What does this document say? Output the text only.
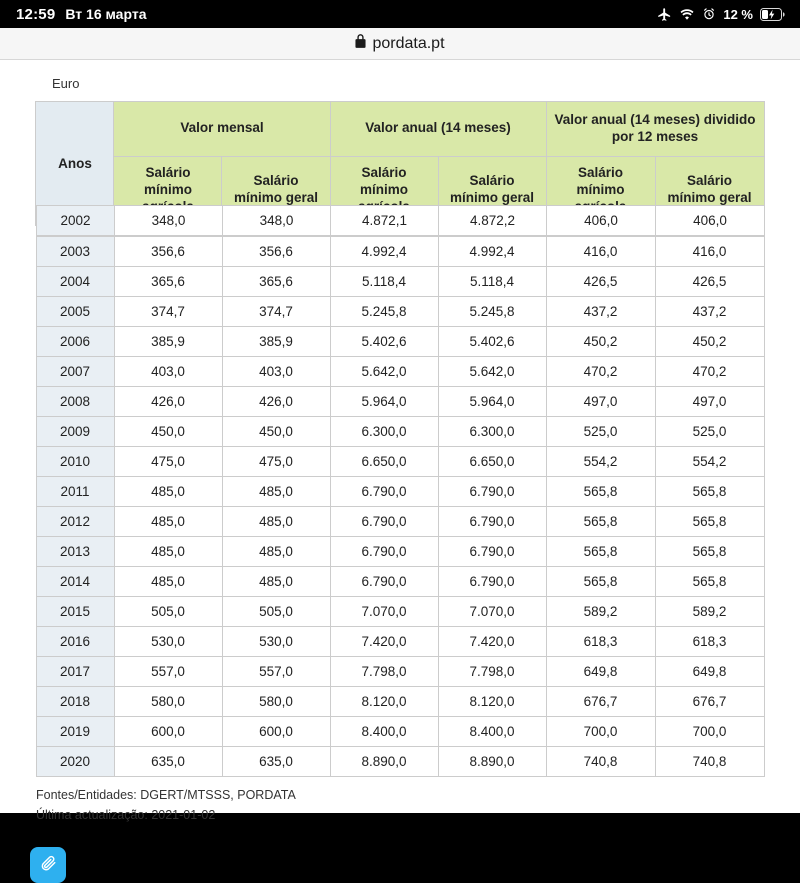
12:59 Вт 16 марта	12 %
pordata.pt
Euro
Anos	Valor mensal		Valor anual (14 meses)		Valor anual (14 meses) dividido por 12 meses	
	Salário mínimo	Salário mínimo geral	Salário mínimo	Salário mínimo geral	Salário mínimo	Salário mínimo geral
2002	348,0	348,0	4.872,1	4.872,2	406,0	406,0
2003	356,6	356,6	4.992,4	4.992,4	416,0	416,0
2004	365,6	365,6	5.118,4	5.118,4	426,5	426,5
2005	374,7	374,7	5.245,8	5.245,8	437,2	437,2
2006	385,9	385,9	5.402,6	5.402,6	450,2	450,2
2007	403,0	403,0	5.642,0	5.642,0	470,2	470,2
2008	426,0	426,0	5.964,0	5.964,0	497,0	497,0
2009	450,0	450,0	6.300,0	6.300,0	525,0	525,0
2010	475,0	475,0	6.650,0	6.650,0	554,2	554,2
2011	485,0	485,0	6.790,0	6.790,0	565,8	565,8
2012	485,0	485,0	6.790,0	6.790,0	565,8	565,8
2013	485,0	485,0	6.790,0	6.790,0	565,8	565,8
2014	485,0	485,0	6.790,0	6.790,0	565,8	565,8
2015	505,0	505,0	7.070,0	7.070,0	589,2	589,2
2016	530,0	530,0	7.420,0	7.420,0	618,3	618,3
2017	557,0	557,0	7.798,0	7.798,0	649,8	649,8
2018	580,0	580,0	8.120,0	8.120,0	676,7	676,7
2019	600,0	600,0	8.400,0	8.400,0	700,0	700,0
2020	635,0	635,0	8.890,0	8.890,0	740,8	740,8
Fontes/Entidades: DGERT/MTSSS, PORDATA
Última actualização: 2021-01-02
